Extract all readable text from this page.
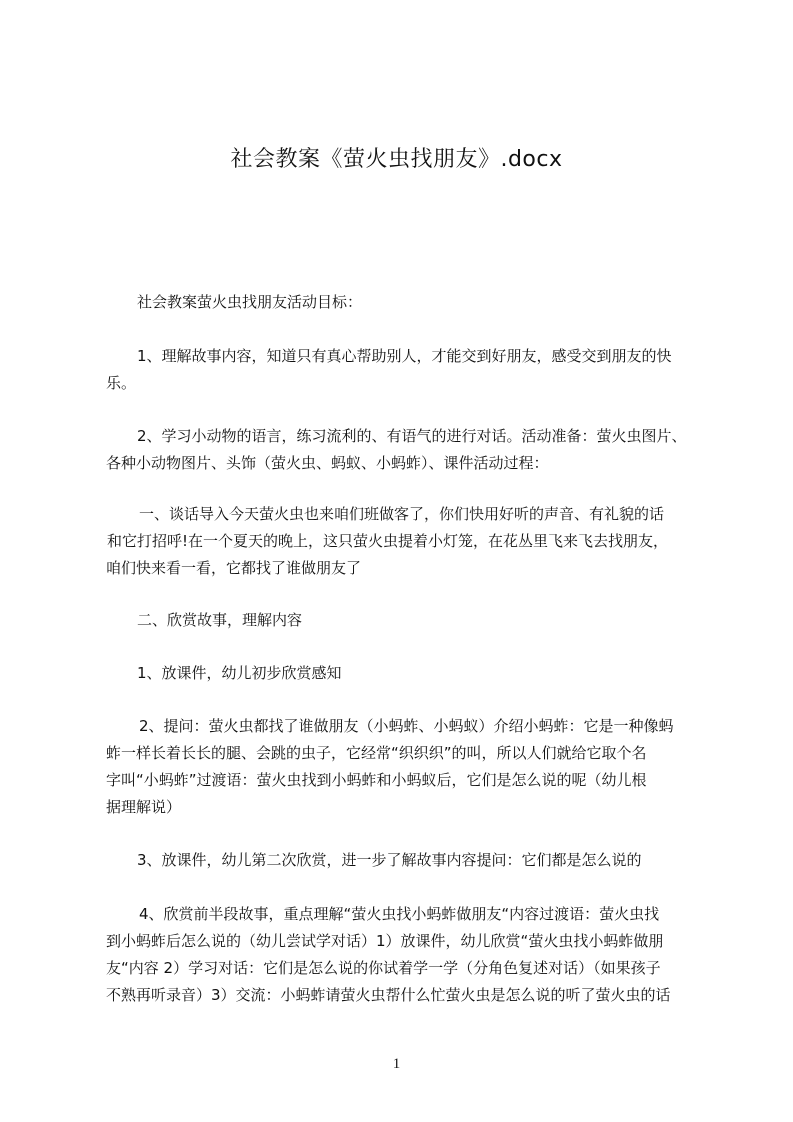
社会教案《萤火虫找朋友》.docx

社会教案萤火虫找朋友活动目标：

1、理解故事内容，知道只有真心帮助别人，才能交到好朋友，感受交到朋友的快

乐。

2、学习小动物的语言，练习流利的、有语气的进行对话。活动准备：萤火虫图片、

各种小动物图片、头饰（萤火虫、蚂蚁、小蚂蚱）、课件活动过程：

一、谈话导入今天萤火虫也来咱们班做客了，你们快用好听的声音、有礼貌的话

和它打招呼!在一个夏天的晚上，这只萤火虫提着小灯笼，在花丛里飞来飞去找朋友，

咱们快来看一看，它都找了谁做朋友了

二、欣赏故事，理解内容

1、放课件，幼儿初步欣赏感知

2、提问：萤火虫都找了谁做朋友（小蚂蚱、小蚂蚁）介绍小蚂蚱：它是一种像蚂

蚱一样长着长长的腿、会跳的虫子，它经常“织织织”的叫，所以人们就给它取个名

字叫“小蚂蚱”过渡语：萤火虫找到小蚂蚱和小蚂蚁后，它们是怎么说的呢（幼儿根

据理解说）

3、放课件，幼儿第二次欣赏，进一步了解故事内容提问：它们都是怎么说的

4、欣赏前半段故事，重点理解“萤火虫找小蚂蚱做朋友“内容过渡语：萤火虫找

到小蚂蚱后怎么说的（幼儿尝试学对话）1）放课件，幼儿欣赏“萤火虫找小蚂蚱做朋

友“内容 2）学习对话：它们是怎么说的你试着学一学（分角色复述对话）（如果孩子

不熟再听录音）3）交流：小蚂蚱请萤火虫帮什么忙萤火虫是怎么说的听了萤火虫的话

1
